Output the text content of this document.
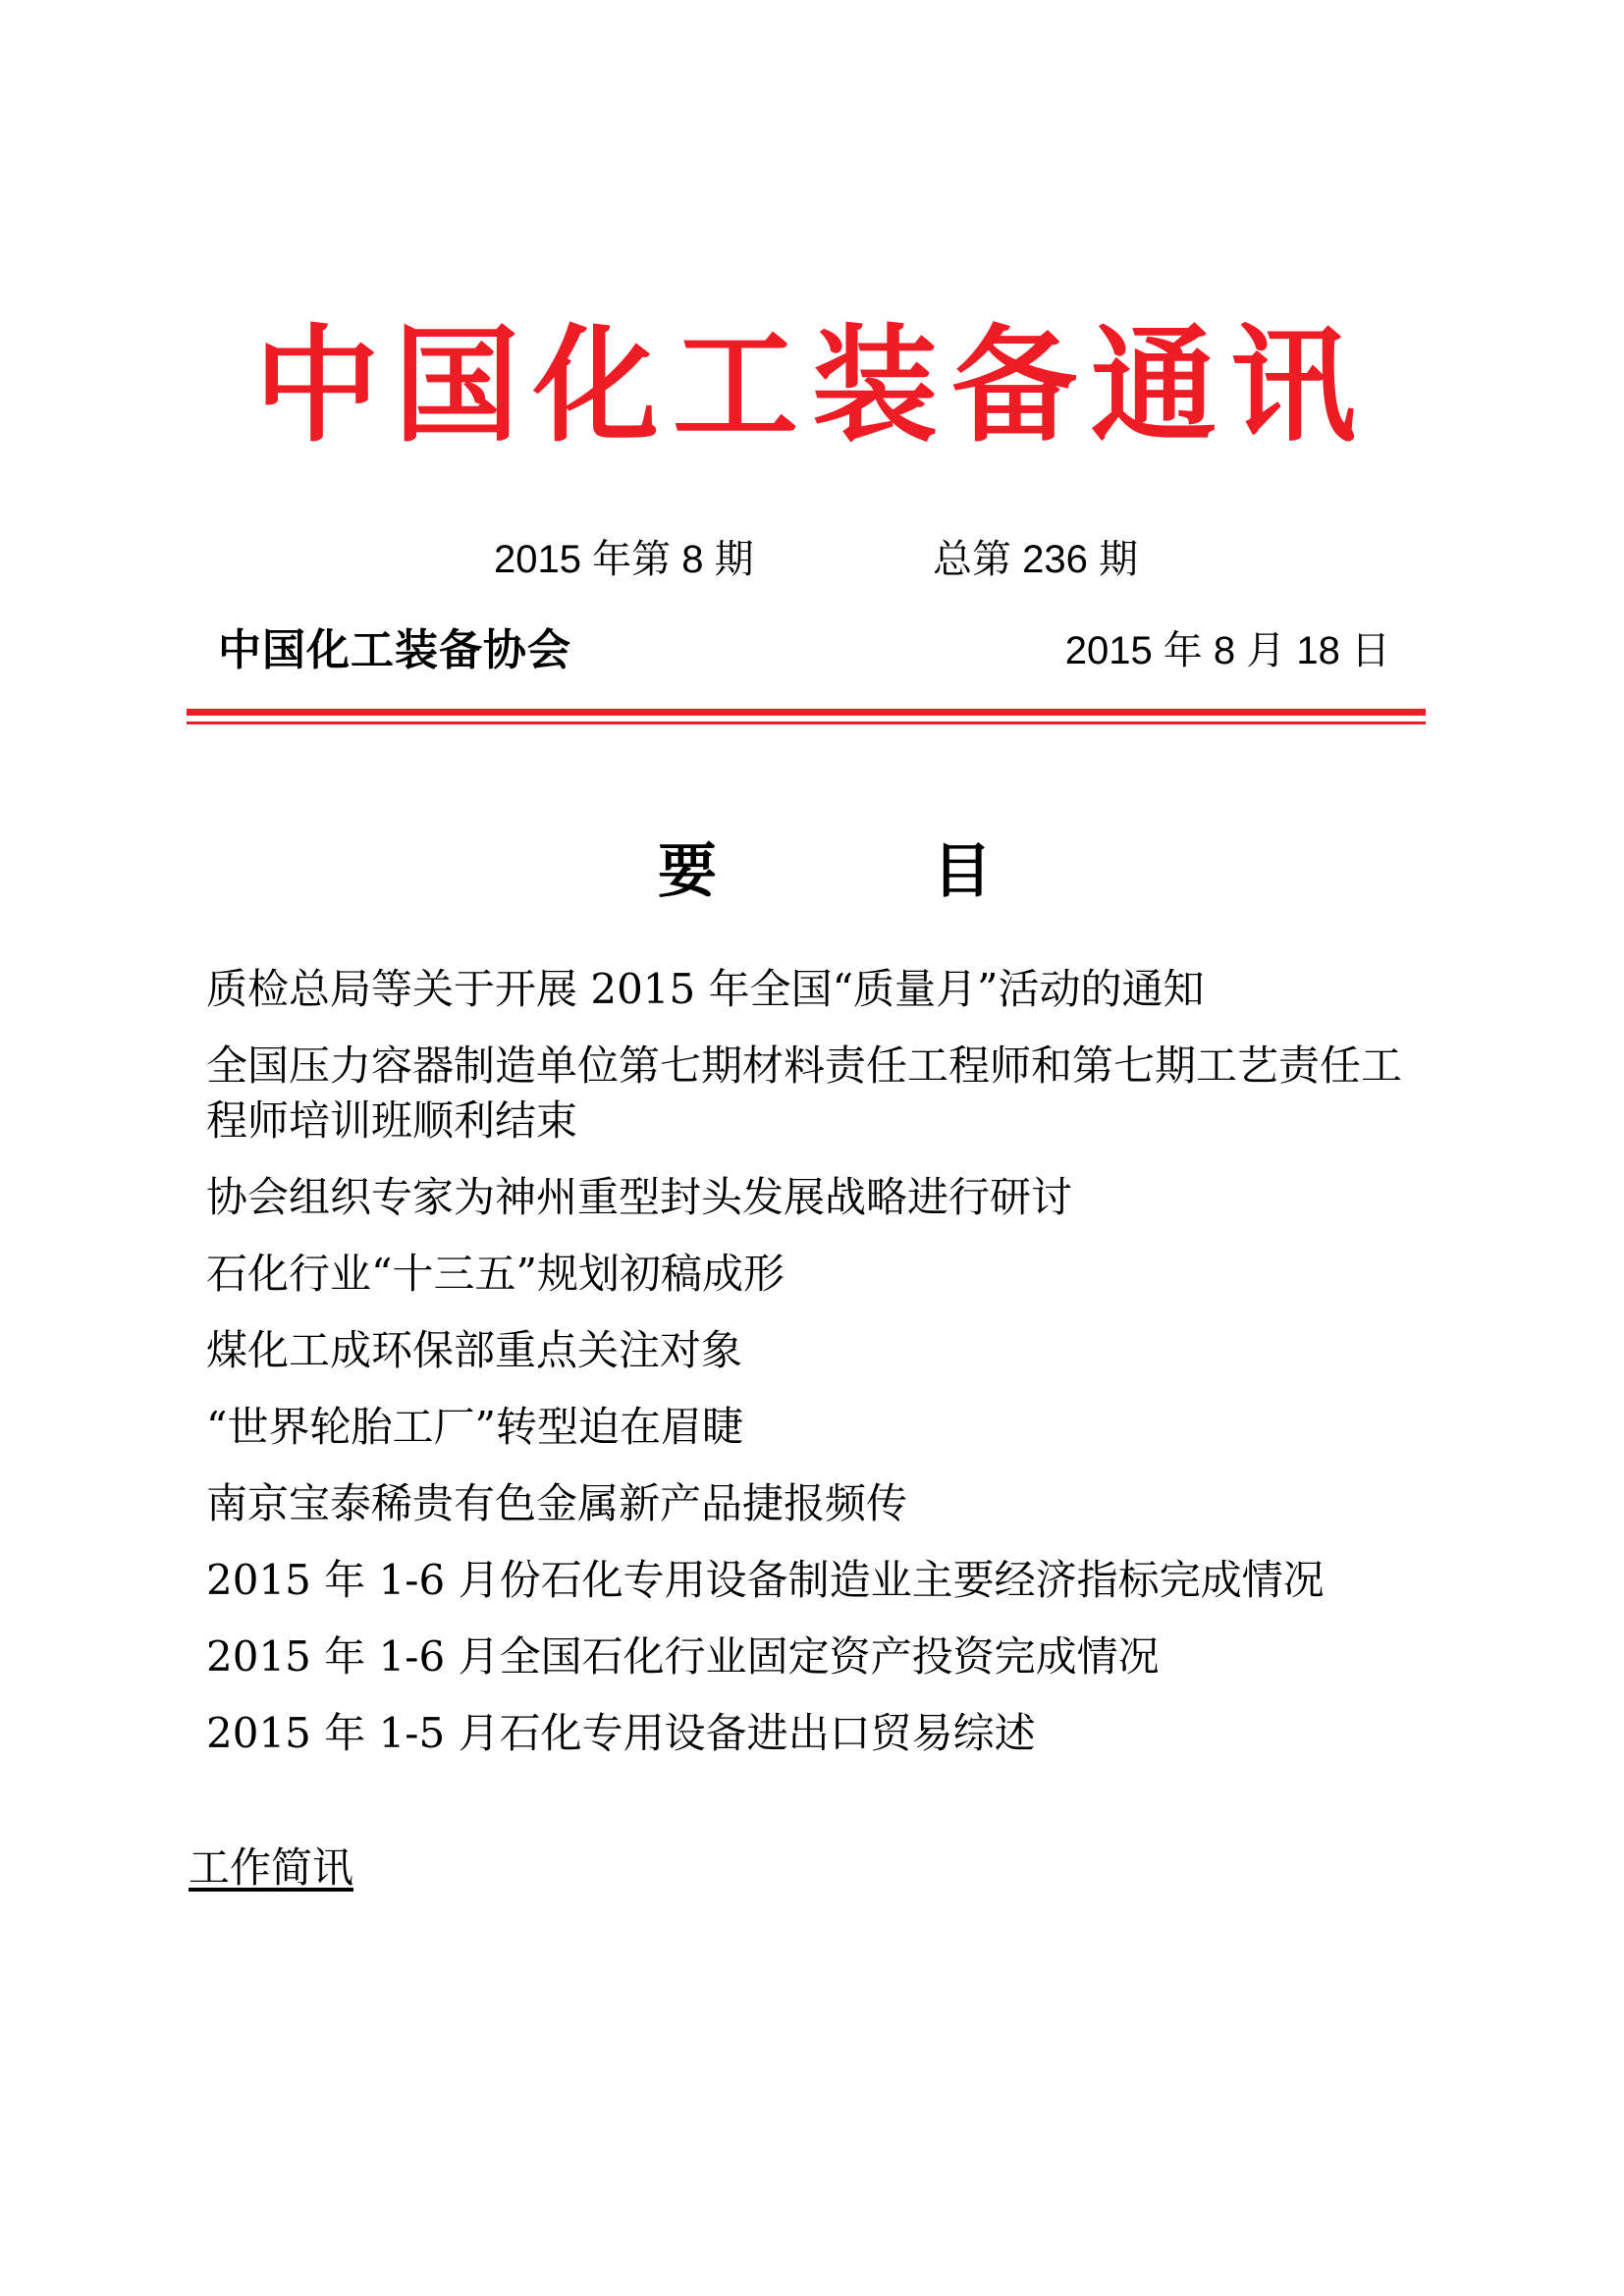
中国化工装备通讯
2015 年第 8 期	总第 236 期
中国化工装备协会	2015 年 8 月 18 日
要	目
质检总局等关于开展 2015 年全国“质量月”活动的通知
全国压力容器制造单位第七期材料责任工程师和第七期工艺责任工程师培训班顺利结束
协会组织专家为神州重型封头发展战略进行研讨
石化行业“十三五”规划初稿成形
煤化工成环保部重点关注对象
“世界轮胎工厂”转型迫在眉睫
南京宝泰稀贵有色金属新产品捷报频传
2015 年 1-6 月份石化专用设备制造业主要经济指标完成情况
2015 年 1-6 月全国石化行业固定资产投资完成情况
2015 年 1-5 月石化专用设备进出口贸易综述
工作简讯
